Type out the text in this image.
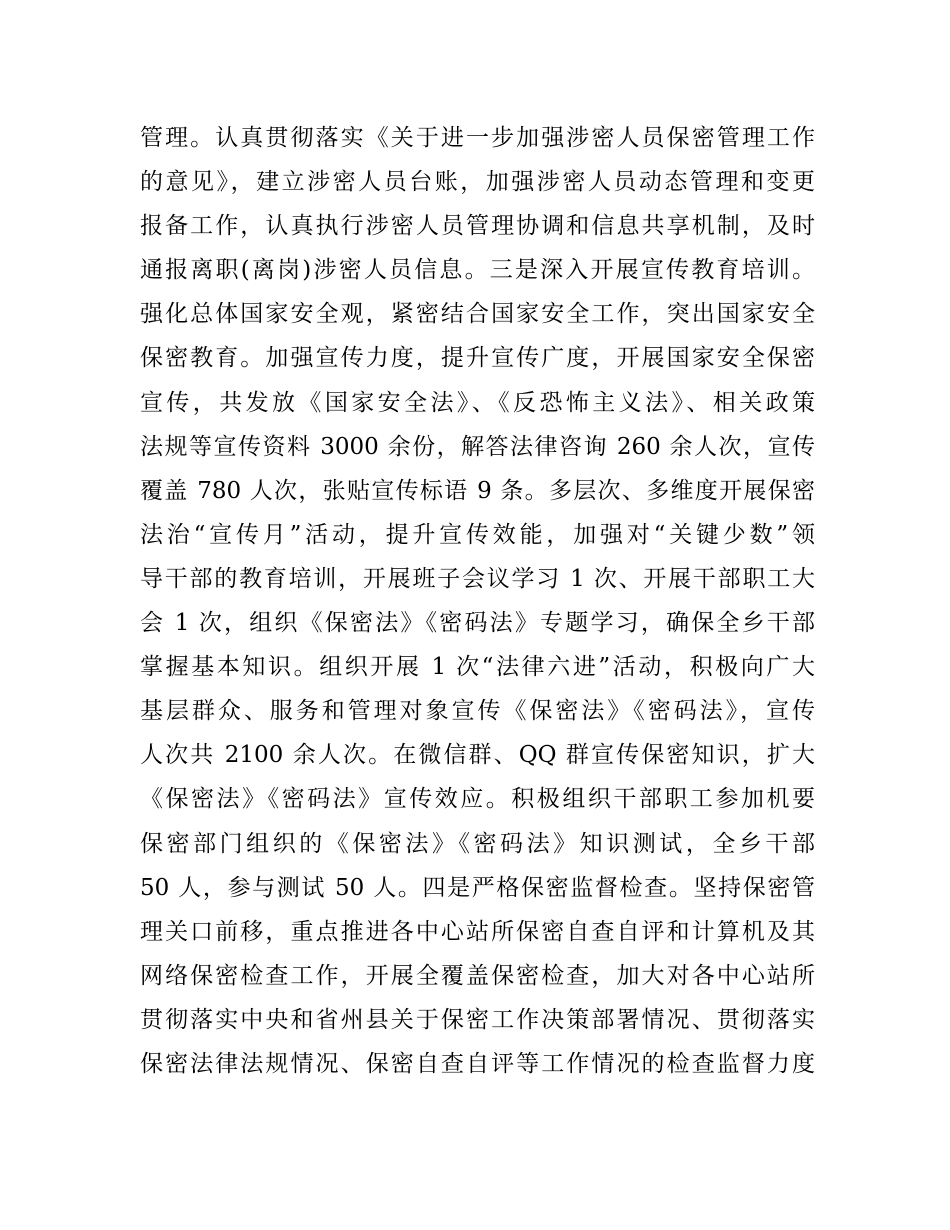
管理。认真贯彻落实《关于进一步加强涉密人员保密管理工作
的意见》，建立涉密人员台账，加强涉密人员动态管理和变更
报备工作，认真执行涉密人员管理协调和信息共享机制，及时
通报离职(离岗)涉密人员信息。三是深入开展宣传教育培训。
强化总体国家安全观，紧密结合国家安全工作，突出国家安全
保密教育。加强宣传力度，提升宣传广度，开展国家安全保密
宣传，共发放《国家安全法》、《反恐怖主义法》、相关政策
法规等宣传资料 3000 余份，解答法律咨询 260 余人次，宣传
覆盖 780 人次，张贴宣传标语 9 条。多层次、多维度开展保密
法治“宣传月”活动，提升宣传效能，加强对“关键少数”领
导干部的教育培训，开展班子会议学习 1 次、开展干部职工大
会 1 次，组织《保密法》《密码法》专题学习，确保全乡干部
掌握基本知识。组织开展 1 次“法律六进”活动，积极向广大
基层群众、服务和管理对象宣传《保密法》《密码法》，宣传
人次共 2100 余人次。在微信群、QQ 群宣传保密知识，扩大
《保密法》《密码法》宣传效应。积极组织干部职工参加机要
保密部门组织的《保密法》《密码法》知识测试，全乡干部
50 人，参与测试 50 人。四是严格保密监督检查。坚持保密管
理关口前移，重点推进各中心站所保密自查自评和计算机及其
网络保密检查工作，开展全覆盖保密检查，加大对各中心站所
贯彻落实中央和省州县关于保密工作决策部署情况、贯彻落实
保密法律法规情况、保密自查自评等工作情况的检查监督力度
